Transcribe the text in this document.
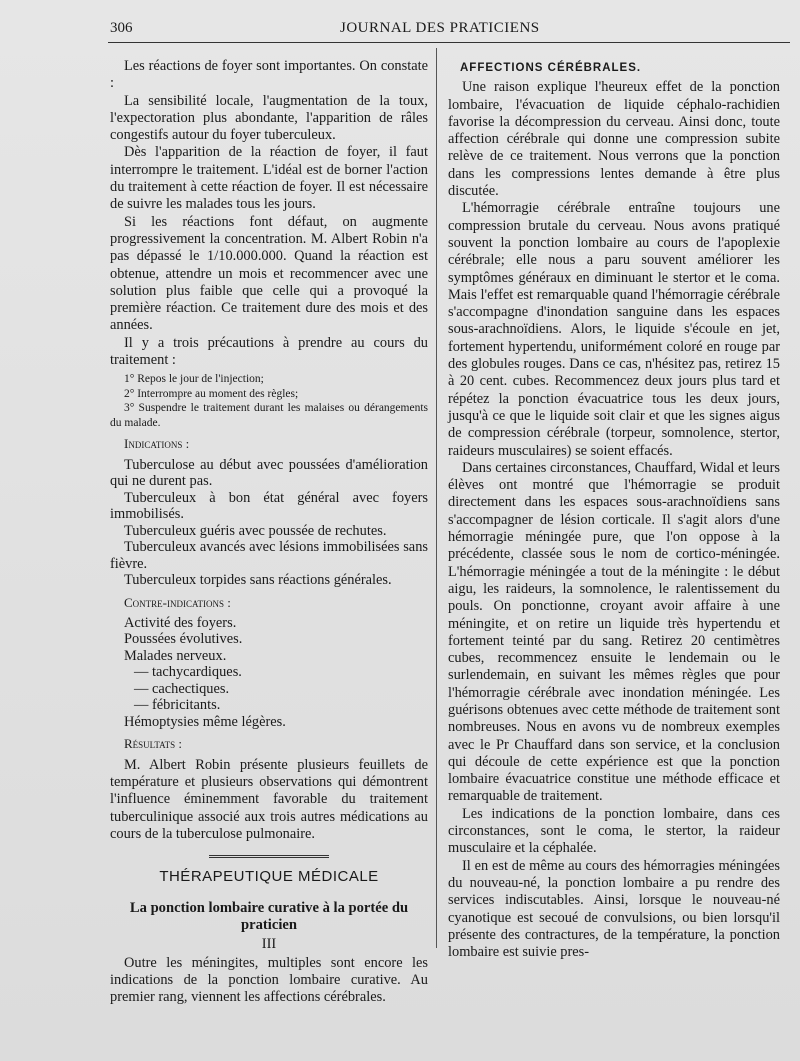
306	JOURNAL DES PRATICIENS

Les réactions de foyer sont importantes. On constate :

La sensibilité locale, l'augmentation de la toux, l'expectoration plus abondante, l'apparition de râles congestifs autour du foyer tuberculeux.

Dès l'apparition de la réaction de foyer, il faut interrompre le traitement. L'idéal est de borner l'action du traitement à cette réaction de foyer. Il est nécessaire de suivre les malades tous les jours.

Si les réactions font défaut, on augmente progressivement la concentration. M. Albert Robin n'a pas dépassé le 1/10.000.000. Quand la réaction est obtenue, attendre un mois et recommencer avec une solution plus faible que celle qui a provoqué la première réaction. Ce traitement dure des mois et des années.

Il y a trois précautions à prendre au cours du traitement :

1° Repos le jour de l'injection;

2° Interrompre au moment des règles;

3° Suspendre le traitement durant les malaises ou dérangements du malade.

Indications :

Tuberculose au début avec poussées d'amélioration qui ne durent pas.

Tuberculeux à bon état général avec foyers immobilisés.

Tuberculeux guéris avec poussée de rechutes.

Tuberculeux avancés avec lésions immobilisées sans fièvre.

Tuberculeux torpides sans réactions générales.

Contre-indications :

Activité des foyers.

Poussées évolutives.

Malades nerveux.

— tachycardiques.

— cachectiques.

— fébricitants.

Hémoptysies même légères.

Résultats :

M. Albert Robin présente plusieurs feuillets de température et plusieurs observations qui démontrent l'influence éminemment favorable du traitement tuberculinique associé aux trois autres médications au cours de la tuberculose pulmonaire.

THÉRAPEUTIQUE MÉDICALE

La ponction lombaire curative à la portée du praticien

III

Outre les méningites, multiples sont encore les indications de la ponction lombaire curative. Au premier rang, viennent les affections cérébrales.

AFFECTIONS CÉRÉBRALES.

Une raison explique l'heureux effet de la ponction lombaire, l'évacuation de liquide céphalo-rachidien favorise la décompression du cerveau. Ainsi donc, toute affection cérébrale qui donne une compression subite relève de ce traitement. Nous verrons que la ponction dans les compressions lentes demande à être plus discutée.

L'hémorragie cérébrale entraîne toujours une compression brutale du cerveau. Nous avons pratiqué souvent la ponction lombaire au cours de l'apoplexie cérébrale; elle nous a paru souvent améliorer les symptômes généraux en diminuant le stertor et le coma. Mais l'effet est remarquable quand l'hémorragie cérébrale s'accompagne d'inondation sanguine dans les espaces sous-arachnoïdiens. Alors, le liquide s'écoule en jet, fortement hypertendu, uniformément coloré en rouge par des globules rouges. Dans ce cas, n'hésitez pas, retirez 15 à 20 cent. cubes. Recommencez deux jours plus tard et répétez la ponction évacuatrice tous les deux jours, jusqu'à ce que le liquide soit clair et que les signes aigus de compression cérébrale (torpeur, somnolence, stertor, raideurs musculaires) se soient effacés.

Dans certaines circonstances, Chauffard, Widal et leurs élèves ont montré que l'hémorragie se produit directement dans les espaces sous-arachnoïdiens sans s'accompagner de lésion corticale. Il s'agit alors d'une hémorragie méningée pure, que l'on oppose à la précédente, classée sous le nom de cortico-méningée. L'hémorragie méningée a tout de la méningite : le début aigu, les raideurs, la somnolence, le ralentissement du pouls. On ponctionne, croyant avoir affaire à une méningite, et on retire un liquide très hypertendu et fortement teinté par du sang. Retirez 20 centimètres cubes, recommencez ensuite le lendemain ou le surlendemain, en suivant les mêmes règles que pour l'hémorragie cérébrale avec inondation méningée. Les guérisons obtenues avec cette méthode de traitement sont nombreuses. Nous en avons vu de nombreux exemples avec le Pr Chauffard dans son service, et la conclusion qui découle de cette expérience est que la ponction lombaire évacuatrice constitue une méthode efficace et remarquable de traitement.

Les indications de la ponction lombaire, dans ces circonstances, sont le coma, le stertor, la raideur musculaire et la céphalée.

Il en est de même au cours des hémorragies méningées du nouveau-né, la ponction lombaire a pu rendre des services indiscutables. Ainsi, lorsque le nouveau-né cyanotique est secoué de convulsions, ou bien lorsqu'il présente des contractures, de la température, la ponction lombaire est suivie pres-
